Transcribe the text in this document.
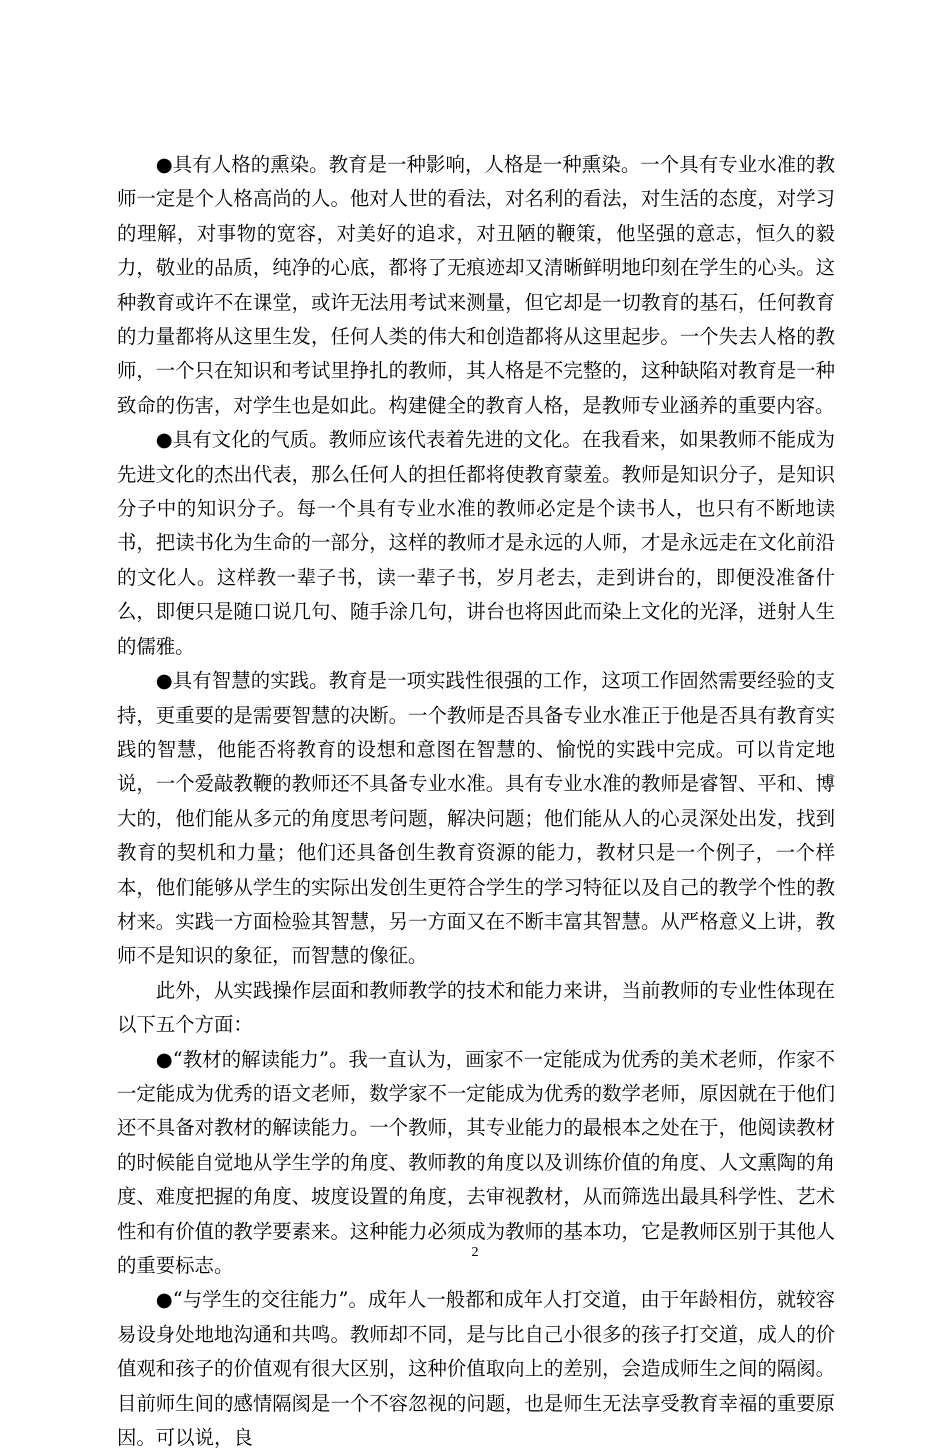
●具有人格的熏染。教育是一种影响，人格是一种熏染。一个具有专业水准的教师一定是个人格高尚的人。他对人世的看法，对名利的看法，对生活的态度，对学习的理解，对事物的宽容，对美好的追求，对丑陋的鞭策，他坚强的意志，恒久的毅力，敬业的品质，纯净的心底，都将了无痕迹却又清晰鲜明地印刻在学生的心头。这种教育或许不在课堂，或许无法用考试来测量，但它却是一切教育的基石，任何教育的力量都将从这里生发，任何人类的伟大和创造都将从这里起步。一个失去人格的教师，一个只在知识和考试里挣扎的教师，其人格是不完整的，这种缺陷对教育是一种致命的伤害，对学生也是如此。构建健全的教育人格，是教师专业涵养的重要内容。

●具有文化的气质。教师应该代表着先进的文化。在我看来，如果教师不能成为先进文化的杰出代表，那么任何人的担任都将使教育蒙羞。教师是知识分子，是知识分子中的知识分子。每一个具有专业水准的教师必定是个读书人，也只有不断地读书，把读书化为生命的一部分，这样的教师才是永远的人师，才是永远走在文化前沿的文化人。这样教一辈子书，读一辈子书，岁月老去，走到讲台的，即便没准备什么，即便只是随口说几句、随手涂几句，讲台也将因此而染上文化的光泽，迸射人生的儒雅。

●具有智慧的实践。教育是一项实践性很强的工作，这项工作固然需要经验的支持，更重要的是需要智慧的决断。一个教师是否具备专业水准正于他是否具有教育实践的智慧，他能否将教育的设想和意图在智慧的、愉悦的实践中完成。可以肯定地说，一个爱敲教鞭的教师还不具备专业水准。具有专业水准的教师是睿智、平和、博大的，他们能从多元的角度思考问题，解决问题；他们能从人的心灵深处出发，找到教育的契机和力量；他们还具备创生教育资源的能力，教材只是一个例子，一个样本，他们能够从学生的实际出发创生更符合学生的学习特征以及自己的教学个性的教材来。实践一方面检验其智慧，另一方面又在不断丰富其智慧。从严格意义上讲，教师不是知识的象征，而智慧的像征。

此外，从实践操作层面和教师教学的技术和能力来讲，当前教师的专业性体现在以下五个方面：

●“教材的解读能力”。我一直认为，画家不一定能成为优秀的美术老师，作家不一定能成为优秀的语文老师，数学家不一定能成为优秀的数学老师，原因就在于他们还不具备对教材的解读能力。一个教师，其专业能力的最根本之处在于，他阅读教材的时候能自觉地从学生学的角度、教师教的角度以及训练价值的角度、人文熏陶的角度、难度把握的角度、坡度设置的角度，去审视教材，从而筛选出最具科学性、艺术性和有价值的教学要素来。这种能力必须成为教师的基本功，它是教师区别于其他人的重要标志。

●“与学生的交往能力”。成年人一般都和成年人打交道，由于年龄相仿，就较容易设身处地地沟通和共鸣。教师却不同，是与比自己小很多的孩子打交道，成人的价值观和孩子的价值观有很大区别，这种价值取向上的差别，会造成师生之间的隔阂。目前师生间的感情隔阂是一个不容忽视的问题，也是师生无法享受教育幸福的重要原因。可以说，良

2
